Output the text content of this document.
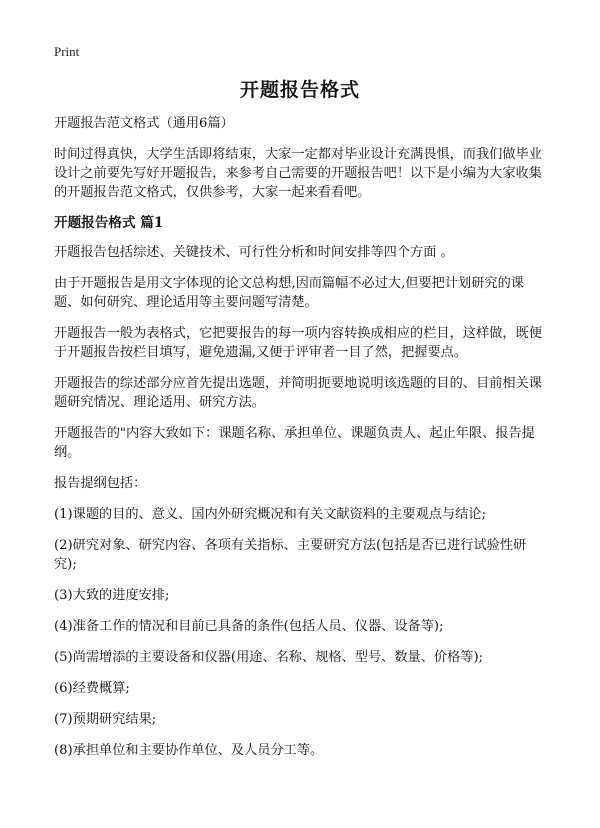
Print
开题报告格式
开题报告范文格式（通用6篇）
时间过得真快，大学生活即将结束，大家一定都对毕业设计充满畏惧，而我们做毕业设计之前要先写好开题报告，来参考自己需要的开题报告吧！以下是小编为大家收集的开题报告范文格式，仅供参考，大家一起来看看吧。
开题报告格式 篇1
开题报告包括综述、关键技术、可行性分析和时间安排等四个方面 。
由于开题报告是用文字体现的论文总构想,因而篇幅不必过大,但要把计划研究的课题、如何研究、理论适用等主要问题写清楚。
开题报告一般为表格式，它把要报告的每一项内容转换成相应的栏目，这样做，既便于开题报告按栏目填写，避免遗漏,又便于评审者一目了然，把握要点。
开题报告的综述部分应首先提出选题，并简明扼要地说明该选题的目的、目前相关课题研究情况、理论适用、研究方法。
开题报告的"内容大致如下：课题名称、承担单位、课题负责人、起止年限、报告提纲。
报告提纲包括：
(1)课题的目的、意义、国内外研究概况和有关文献资料的主要观点与结论;
(2)研究对象、研究内容、各项有关指标、主要研究方法(包括是否已进行试验性研究);
(3)大致的进度安排;
(4)准备工作的情况和目前已具备的条件(包括人员、仪器、设备等);
(5)尚需增添的主要设备和仪器(用途、名称、规格、型号、数量、价格等);
(6)经费概算;
(7)预期研究结果;
(8)承担单位和主要协作单位、及人员分工等。
